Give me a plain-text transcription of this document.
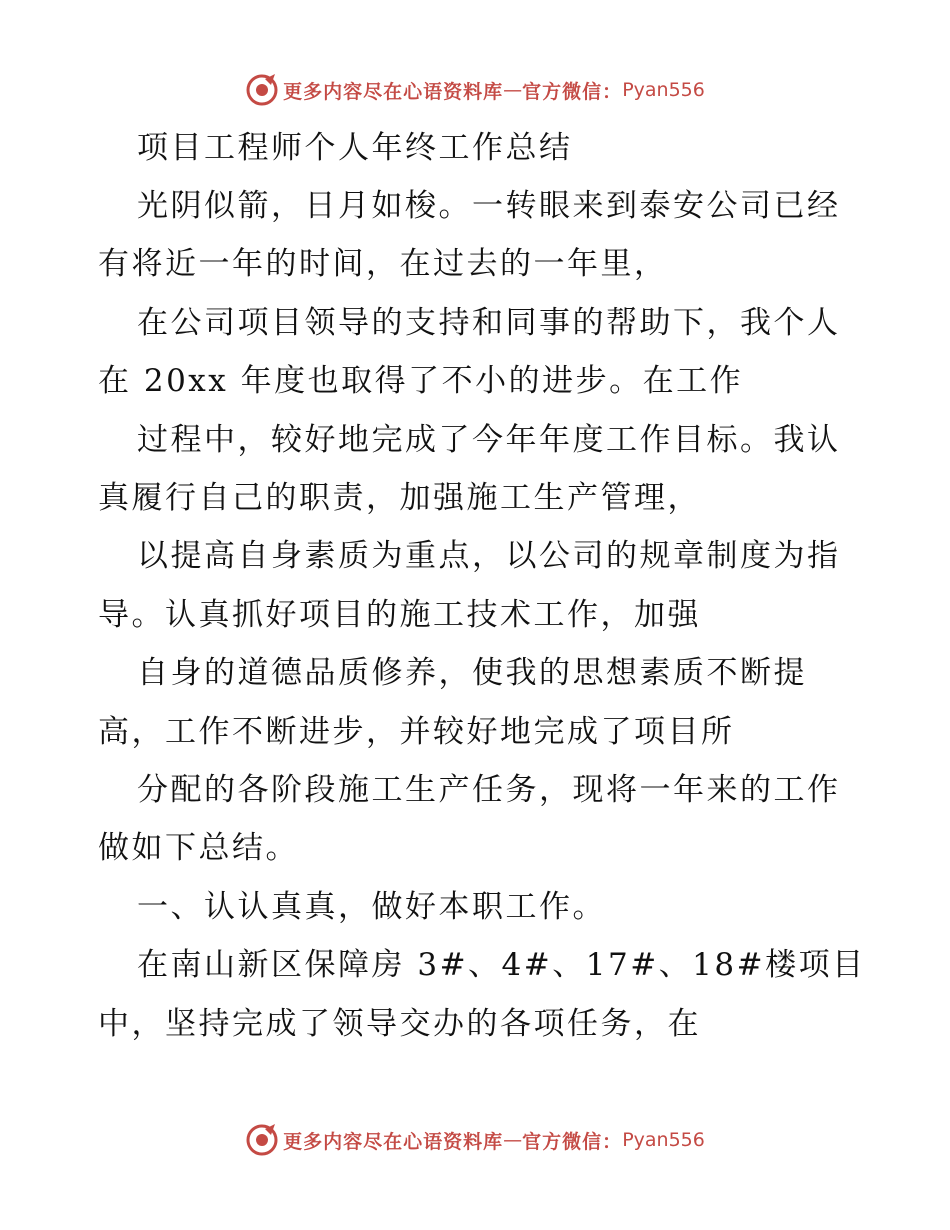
更多内容尽在心语资料库 — 官方微信： Pyan556
项目工程师个人年终工作总结
光阴似箭，日月如梭。一转眼来到泰安公司已经
有将近一年的时间，在过去的一年里，
在公司项目领导的支持和同事的帮助下，我个人
在 20xx 年度也取得了不小的进步。在工作
过程中，较好地完成了今年年度工作目标。我认
真履行自己的职责，加强施工生产管理，
以提高自身素质为重点，以公司的规章制度为指
导。认真抓好项目的施工技术工作，加强
自身的道德品质修养，使我的思想素质不断提
高，工作不断进步，并较好地完成了项目所
分配的各阶段施工生产任务，现将一年来的工作
做如下总结。
一、认认真真，做好本职工作。
在南山新区保障房 3#、4#、17#、18#楼项目
中，坚持完成了领导交办的各项任务，在
更多内容尽在心语资料库 — 官方微信： Pyan556
